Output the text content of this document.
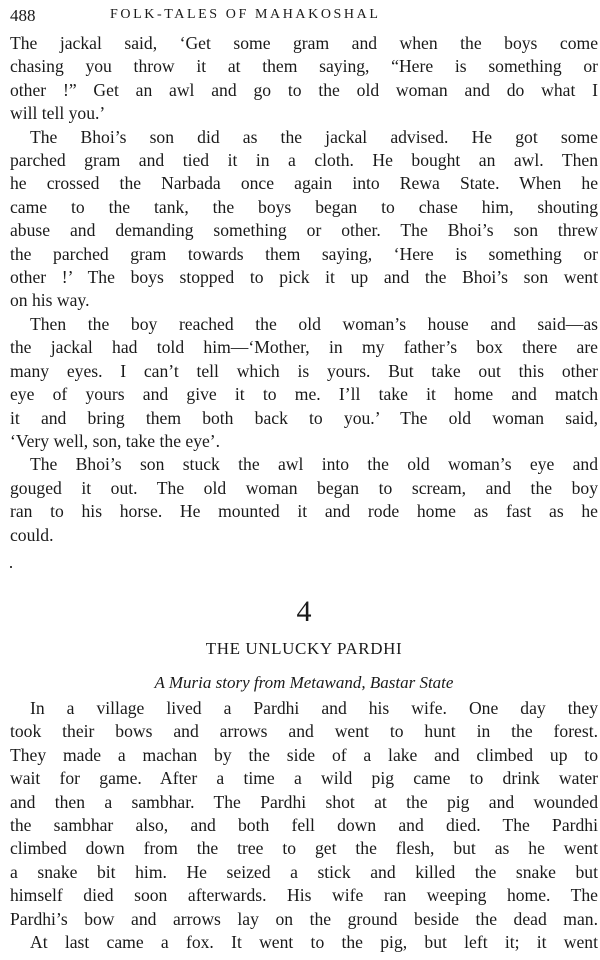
488	FOLK-TALES OF MAHAKOSHAL

The jackal said, ‘Get some gram and when the boys come
chasing you throw it at them saying, “Here is something or
other !” Get an awl and go to the old woman and do what I
will tell you.’

The Bhoi’s son did as the jackal advised. He got some
parched gram and tied it in a cloth. He bought an awl. Then
he crossed the Narbada once again into Rewa State. When he
came to the tank, the boys began to chase him, shouting
abuse and demanding something or other. The Bhoi’s son threw
the parched gram towards them saying, ‘Here is something or
other !’ The boys stopped to pick it up and the Bhoi’s son went
on his way.

Then the boy reached the old woman’s house and said—as
the jackal had told him—‘Mother, in my father’s box there are
many eyes. I can’t tell which is yours. But take out this other
eye of yours and give it to me. I’ll take it home and match
it and bring them both back to you.’ The old woman said,
‘Very well, son, take the eye’.

The Bhoi’s son stuck the awl into the old woman’s eye and
gouged it out. The old woman began to scream, and the boy
ran to his horse. He mounted it and rode home as fast as he
could.

4
THE UNLUCKY PARDHI
A Muria story from Metawand, Bastar State

In a village lived a Pardhi and his wife. One day they
took their bows and arrows and went to hunt in the forest.
They made a machan by the side of a lake and climbed up to
wait for game. After a time a wild pig came to drink water
and then a sambhar. The Pardhi shot at the pig and wounded
the sambhar also, and both fell down and died. The Pardhi
climbed down from the tree to get the flesh, but as he went
a snake bit him. He seized a stick and killed the snake but
himself died soon afterwards. His wife ran weeping home. The
Pardhi’s bow and arrows lay on the ground beside the dead man.

At last came a fox. It went to the pig, but left it; it went
